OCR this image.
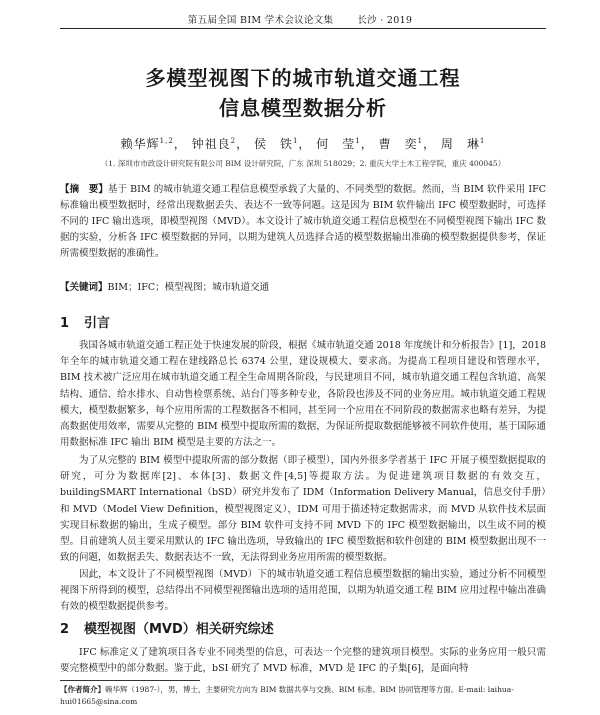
第五届全国 BIM 学术会议论文集	长沙 · 2019
多模型视图下的城市轨道交通工程
信息模型数据分析
赖华辉$^{1,2}$， 钟祖良$^2$， 侯　铁$^1$， 何　莹$^1$， 曹　奕$^1$， 周　琳$^1$
（1. 深圳市市政设计研究院有限公司 BIM 设计研究院，广东 深圳 518029；2. 重庆大学土木工程学院，重庆 400045）
【摘　要】基于 BIM 的城市轨道交通工程信息模型承载了大量的、不同类型的数据。然而，当 BIM 软件采用 IFC 标准输出模型数据时，经常出现数据丢失、表达不一致等问题。这是因为 BIM 软件输出 IFC 模型数据时，可选择不同的 IFC 输出选项，即模型视图（MVD）。本文设计了城市轨道交通工程信息模型在不同模型视图下输出 IFC 数据的实验，分析各 IFC 模型数据的异同，以期为建筑人员选择合适的模型数据输出准确的模型数据提供参考，保证所需模型数据的准确性。
【关键词】BIM；IFC；模型视图；城市轨道交通
1 引言
我国各城市轨道交通工程正处于快速发展的阶段，根据《城市轨道交通 2018 年度统计和分析报告》[1]，2018 年全年的城市轨道交通工程在建线路总长 6374 公里，建设规模大、要求高。为提高工程项目建设和管理水平，BIM 技术被广泛应用在城市轨道交通工程全生命周期各阶段，与民建项目不同，城市轨道交通工程包含轨道、高架结构、通信、给水排水、自动售检票系统、站台门等多种专业，各阶段也涉及不同的业务应用。城市轨道交通工程规模大，模型数据繁多，每个应用所需的工程数据各不相同，甚至同一个应用在不同阶段的数据需求也略有差异，为提高数据使用效率，需要从完整的 BIM 模型中提取所需的数据，为保证所提取数据能够被不同软件使用，基于国际通用数据标准 IFC 输出 BIM 模型是主要的方法之一。
为了从完整的 BIM 模型中提取所需的部分数据（即子模型），国内外很多学者基于 IFC 开展子模型数据提取的研究，可分为数据库[2]、本体[3]、数据文件[4,5]等提取方法。为促进建筑项目数据的有效交互，buildingSMART International（bSD）研究并发布了 IDM（Information Delivery Manual，信息交付手册）和 MVD（Model View Definition，模型视图定义），IDM 可用于描述特定数据需求，而 MVD 从软件技术层面实现目标数据的输出，生成子模型。部分 BIM 软件可支持不同 MVD 下的 IFC 模型数据输出，以生成不同的模型。目前建筑人员主要采用默认的 IFC 输出选项，导致输出的 IFC 模型数据和软件创建的 BIM 模型数据出现不一致的问题，如数据丢失、数据表达不一致，无法得到业务应用所需的模型数据。
因此，本文设计了不同模型视图（MVD）下的城市轨道交通工程信息模型数据的输出实验，通过分析不同模型视图下所得到的模型，总结得出不同模型视图输出选项的适用范围，以期为轨道交通工程 BIM 应用过程中输出准确有效的模型数据提供参考。
2 模型视图（MVD）相关研究综述
IFC 标准定义了建筑项目各专业不同类型的信息，可表达一个完整的建筑项目模型。实际的业务应用一般只需要完整模型中的部分数据。鉴于此，bSI 研究了 MVD 标准，MVD 是 IFC 的子集[6]，是面向特
【作者简介】赖华辉（1987-），男，博士，主要研究方向为 BIM 数据共享与交换、BIM 标准、BIM 协同管理等方面。E-mail: laihua-hui01665@sina.com
